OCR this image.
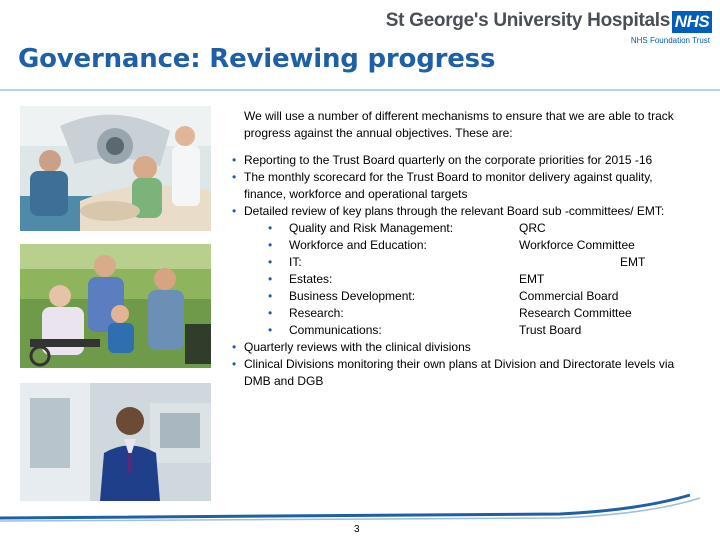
St George's University Hospitals NHS
NHS Foundation Trust
Governance: Reviewing progress

We will use a number of different mechanisms to ensure that we are able to track progress against the annual objectives. These are:

• Reporting to the Trust Board quarterly on the corporate priorities for 2015 -16
• The monthly scorecard for the Trust Board to monitor delivery against quality, finance, workforce and operational targets
• Detailed review of key plans through the relevant Board sub -committees/ EMT:
• Quality and Risk Management:	QRC
• Workforce and Education:	Workforce Committee
• IT:	EMT
• Estates:	EMT
• Business Development:	Commercial Board
• Research:	Research Committee
• Communications:	Trust Board
• Quarterly reviews with the clinical divisions
• Clinical Divisions monitoring their own plans at Division and Directorate levels via DMB and DGB
3
